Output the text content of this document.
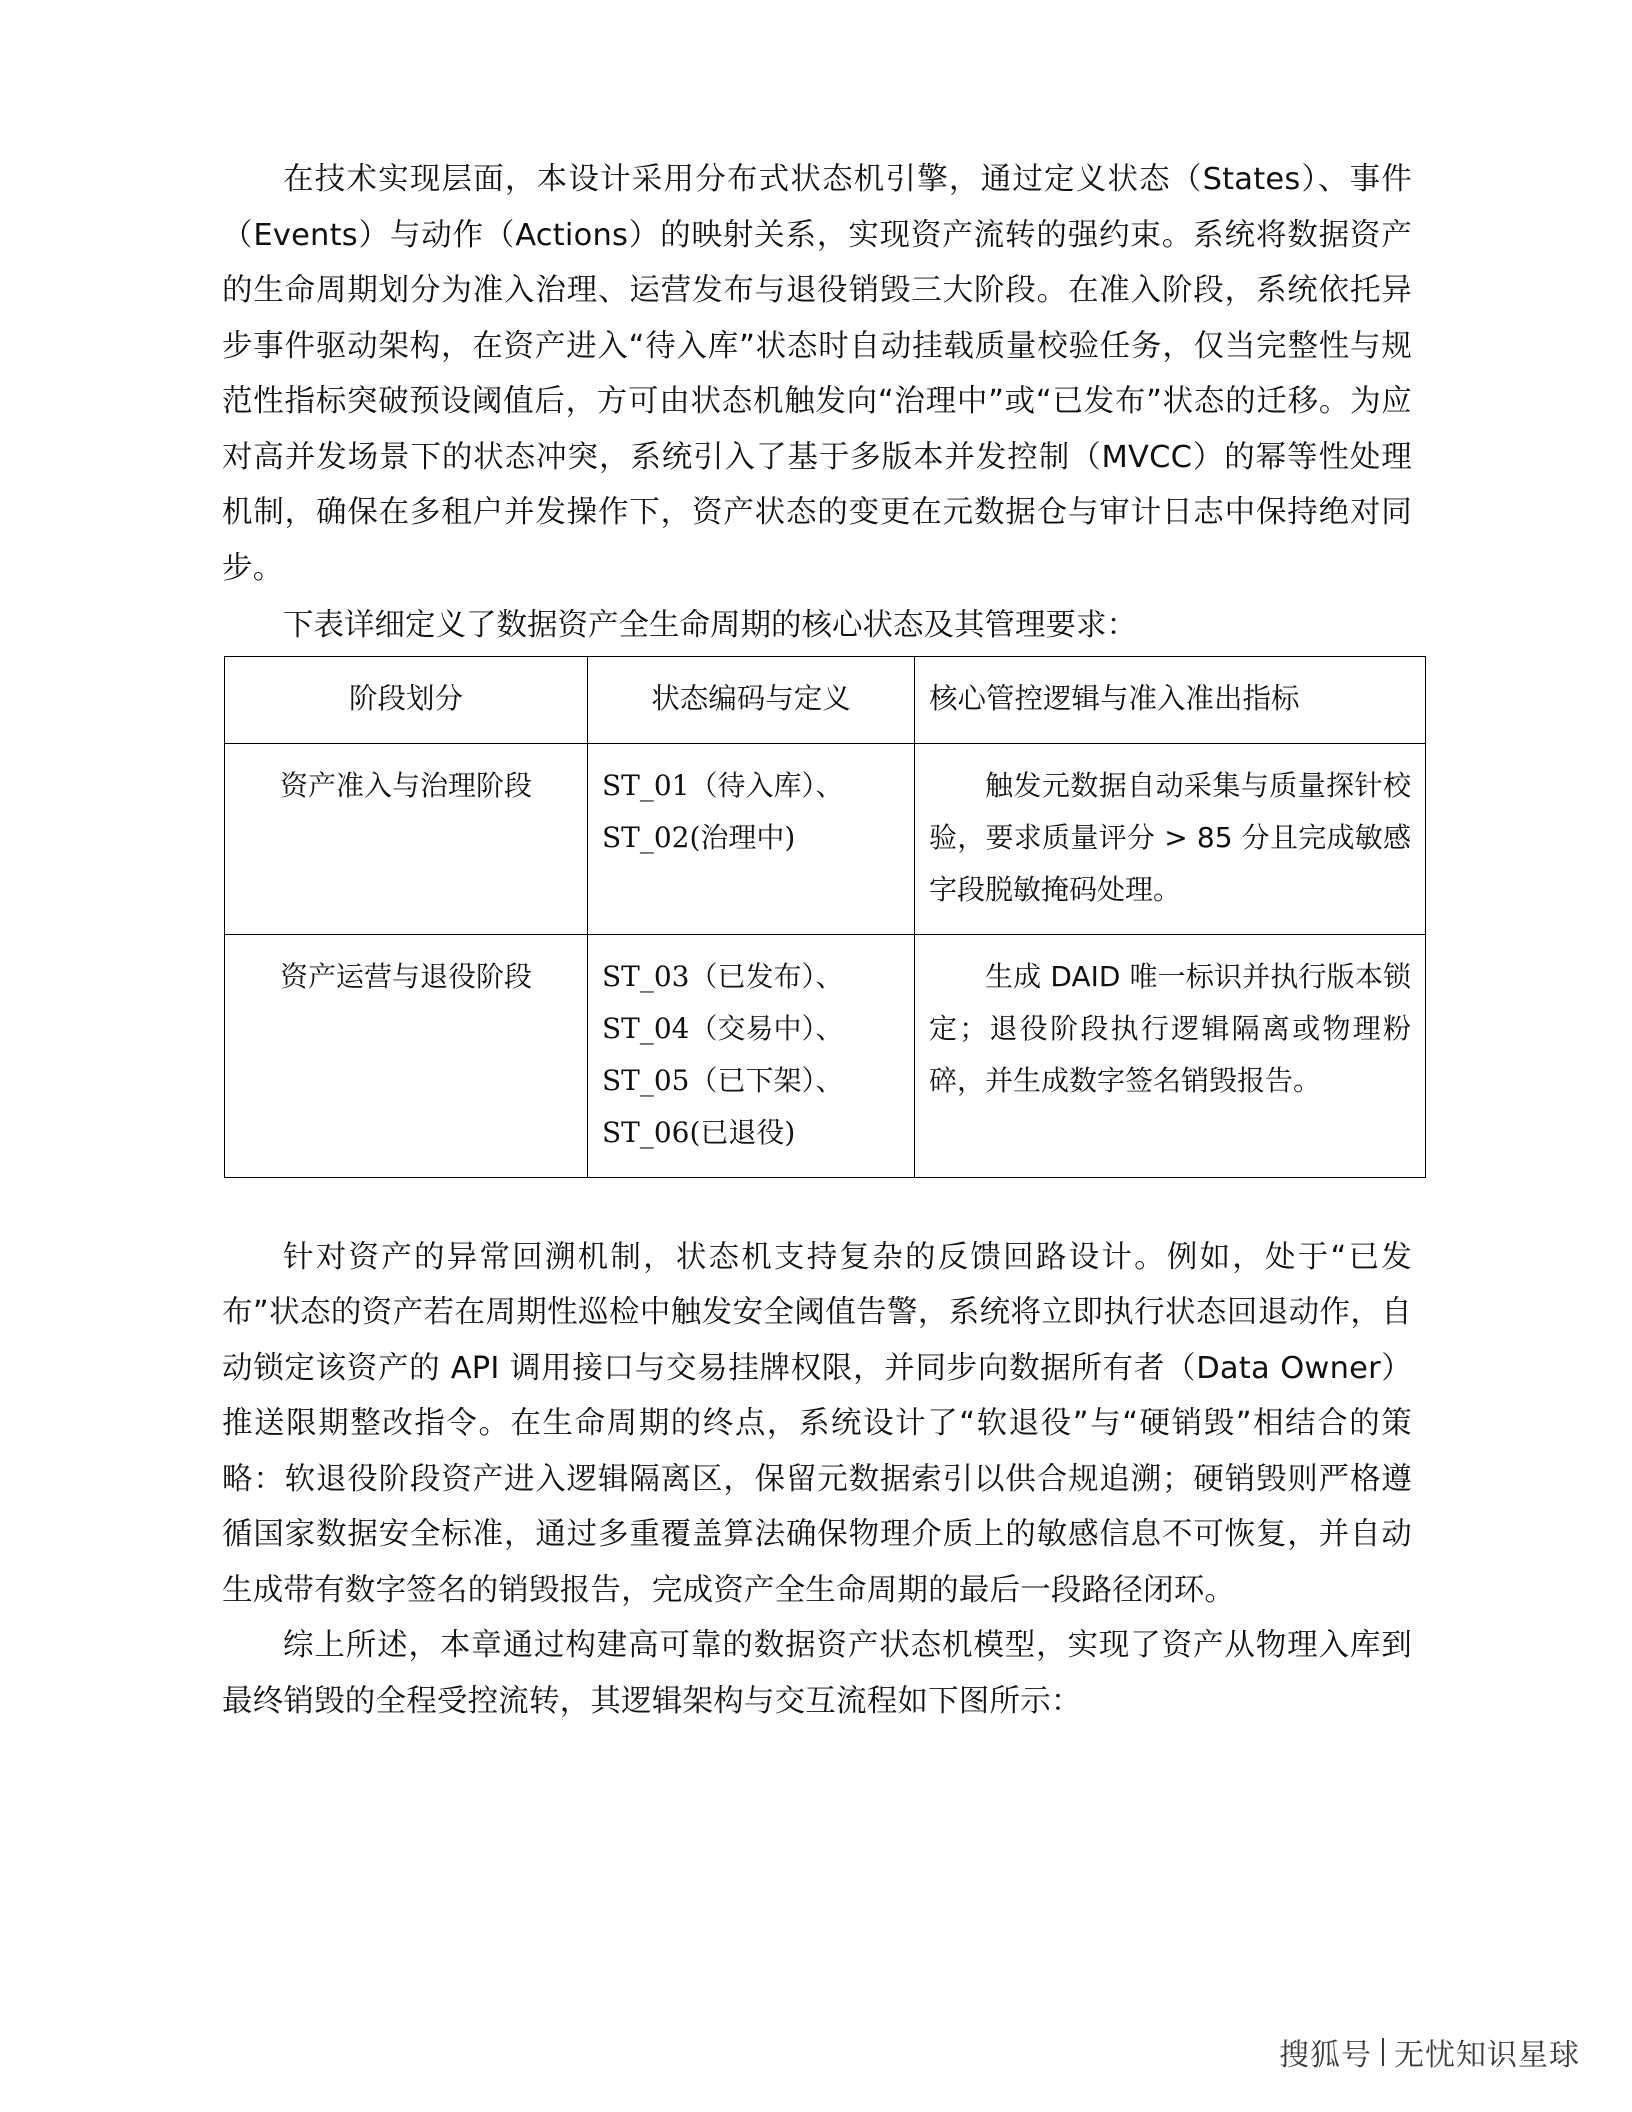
在技术实现层面，本设计采用分布式状态机引擎，通过定义状态（States）、事件（Events）与动作（Actions）的映射关系，实现资产流转的强约束。系统将数据资产的生命周期划分为准入治理、运营发布与退役销毁三大阶段。在准入阶段，系统依托异步事件驱动架构，在资产进入“待入库”状态时自动挂载质量校验任务，仅当完整性与规范性指标突破预设阈值后，方可由状态机触发向“治理中”或“已发布”状态的迁移。为应对高并发场景下的状态冲突，系统引入了基于多版本并发控制（MVCC）的幂等性处理机制，确保在多租户并发操作下，资产状态的变更在元数据仓与审计日志中保持绝对同步。

下表详细定义了数据资产全生命周期的核心状态及其管理要求：

阶段划分	状态编码与定义	核心管控逻辑与准入准出指标

资产准入与治理阶段	ST_01（待入库）、
ST_02(治理中)	触发元数据自动采集与质量探针校验，要求质量评分 > 85 分且完成敏感字段脱敏掩码处理。

资产运营与退役阶段	ST_03（已发布）、
ST_04（交易中）、
ST_05（已下架）、
ST_06(已退役)	生成 DAID 唯一标识并执行版本锁定；退役阶段执行逻辑隔离或物理粉碎，并生成数字签名销毁报告。

针对资产的异常回溯机制，状态机支持复杂的反馈回路设计。例如，处于“已发布”状态的资产若在周期性巡检中触发安全阈值告警，系统将立即执行状态回退动作，自动锁定该资产的 API 调用接口与交易挂牌权限，并同步向数据所有者（Data Owner）推送限期整改指令。在生命周期的终点，系统设计了“软退役”与“硬销毁”相结合的策略：软退役阶段资产进入逻辑隔离区，保留元数据索引以供合规追溯；硬销毁则严格遵循国家数据安全标准，通过多重覆盖算法确保物理介质上的敏感信息不可恢复，并自动生成带有数字签名的销毁报告，完成资产全生命周期的最后一段路径闭环。

综上所述，本章通过构建高可靠的数据资产状态机模型，实现了资产从物理入库到最终销毁的全程受控流转，其逻辑架构与交互流程如下图所示：

搜狐号 无忧知识星球
